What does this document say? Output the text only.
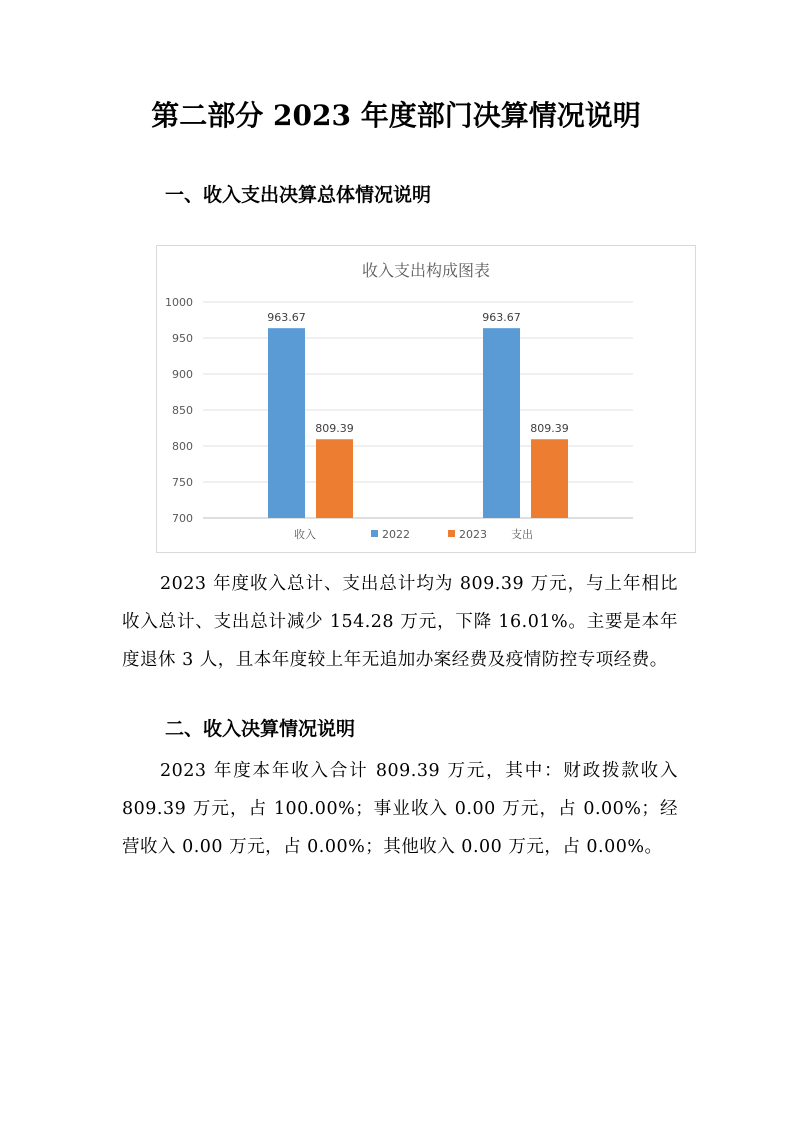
第二部分 2023 年度部门决算情况说明
一、收入支出决算总体情况说明
700
750
800
850
900
950
1000
963.67
809.39
963.67
809.39
收入支出构成图表
收入	支出
2022	2023

2023 年度收入总计、支出总计均为 809.39 万元，与上年相比收入总计、支出总计减少 154.28 万元，下降 16.01%。主要是本年度退休 3 人，且本年度较上年无追加办案经费及疫情防控专项经费。

二、收入决算情况说明

2023 年度本年收入合计 809.39 万元，其中：财政拨款收入 809.39 万元，占 100.00%；事业收入 0.00 万元，占 0.00%；经营收入 0.00 万元，占 0.00%；其他收入 0.00 万元，占 0.00%。
